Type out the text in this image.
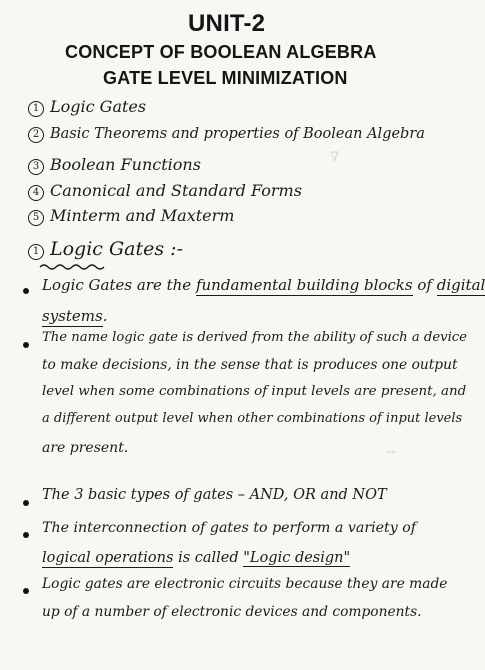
UNIT-2
CONCEPT OF BOOLEAN ALGEBRA
GATE LEVEL MINIMIZATION
∇
→
1 Logic Gates
2 Basic Theorems and properties of Boolean Algebra
3 Boolean Functions
4 Canonical and Standard Forms
5 Minterm and Maxterm
1 Logic Gates :-
Logic Gates are the fundamental building blocks of digital
systems.
The name logic gate is derived from the ability of such a device
to make decisions, in the sense that is produces one output
level when some combinations of input levels are present, and
a different output level when other combinations of input levels
are present.
The 3 basic types of gates – AND, OR and NOT
The interconnection of gates to perform a variety of
logical operations is called "Logic design"
Logic gates are electronic circuits because they are made
up of a number of electronic devices and components.
